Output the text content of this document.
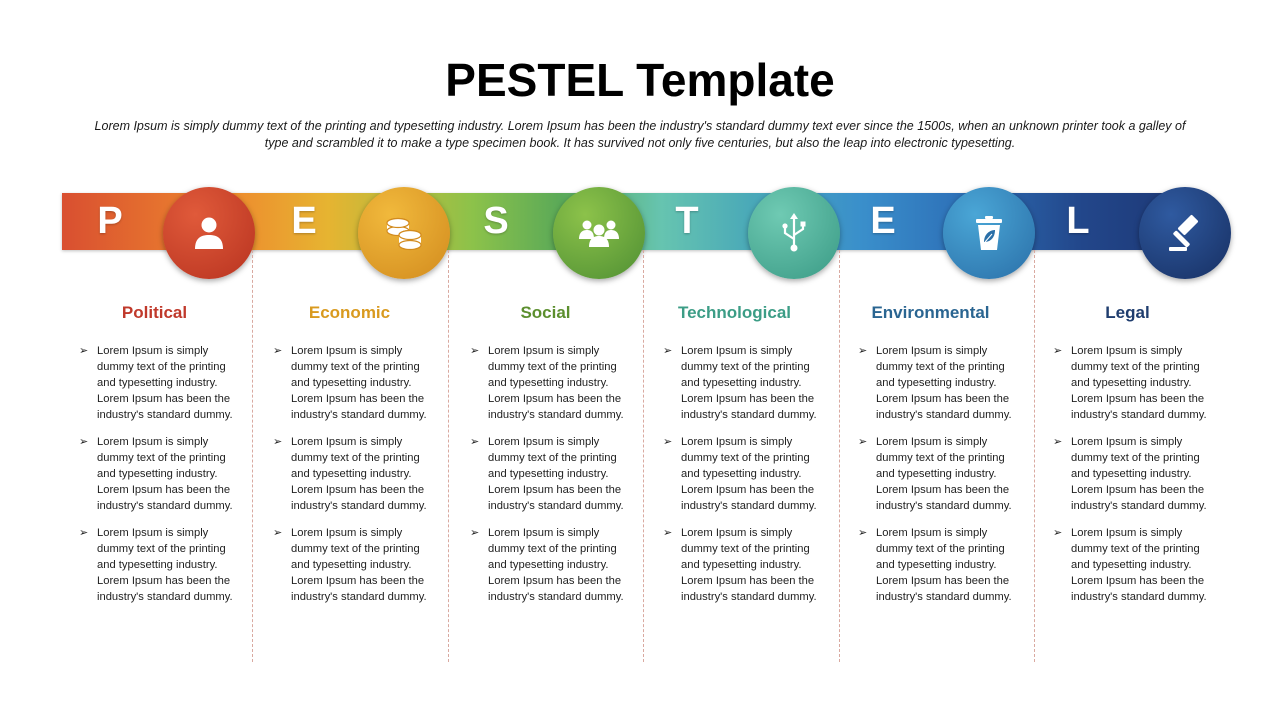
PESTEL Template

Lorem Ipsum is simply dummy text of the printing and typesetting industry. Lorem Ipsum has been the industry's standard dummy text ever since the 1500s, when an unknown printer took a galley of type and scrambled it to make a type specimen book. It has survived not only five centuries, but also the leap into electronic typesetting.

P	E	S	T	E	L
Political	Economic	Social	Technological	Environmental	Legal
➢ Lorem Ipsum is simply dummy text of the printing and typesetting industry. Lorem Ipsum has been the industry's standard dummy.
➢ Lorem Ipsum is simply dummy text of the printing and typesetting industry. Lorem Ipsum has been the industry's standard dummy.
➢ Lorem Ipsum is simply dummy text of the printing and typesetting industry. Lorem Ipsum has been the industry's standard dummy.
➢ Lorem Ipsum is simply dummy text of the printing and typesetting industry. Lorem Ipsum has been the industry's standard dummy.
➢ Lorem Ipsum is simply dummy text of the printing and typesetting industry. Lorem Ipsum has been the industry's standard dummy.
➢ Lorem Ipsum is simply dummy text of the printing and typesetting industry. Lorem Ipsum has been the industry's standard dummy.
➢ Lorem Ipsum is simply dummy text of the printing and typesetting industry. Lorem Ipsum has been the industry's standard dummy.
➢ Lorem Ipsum is simply dummy text of the printing and typesetting industry. Lorem Ipsum has been the industry's standard dummy.
➢ Lorem Ipsum is simply dummy text of the printing and typesetting industry. Lorem Ipsum has been the industry's standard dummy.
➢ Lorem Ipsum is simply dummy text of the printing and typesetting industry. Lorem Ipsum has been the industry's standard dummy.
➢ Lorem Ipsum is simply dummy text of the printing and typesetting industry. Lorem Ipsum has been the industry's standard dummy.
➢ Lorem Ipsum is simply dummy text of the printing and typesetting industry. Lorem Ipsum has been the industry's standard dummy.
➢ Lorem Ipsum is simply dummy text of the printing and typesetting industry. Lorem Ipsum has been the industry's standard dummy.
➢ Lorem Ipsum is simply dummy text of the printing and typesetting industry. Lorem Ipsum has been the industry's standard dummy.
➢ Lorem Ipsum is simply dummy text of the printing and typesetting industry. Lorem Ipsum has been the industry's standard dummy.
➢ Lorem Ipsum is simply dummy text of the printing and typesetting industry. Lorem Ipsum has been the industry's standard dummy.
➢ Lorem Ipsum is simply dummy text of the printing and typesetting industry. Lorem Ipsum has been the industry's standard dummy.
➢ Lorem Ipsum is simply dummy text of the printing and typesetting industry. Lorem Ipsum has been the industry's standard dummy.
